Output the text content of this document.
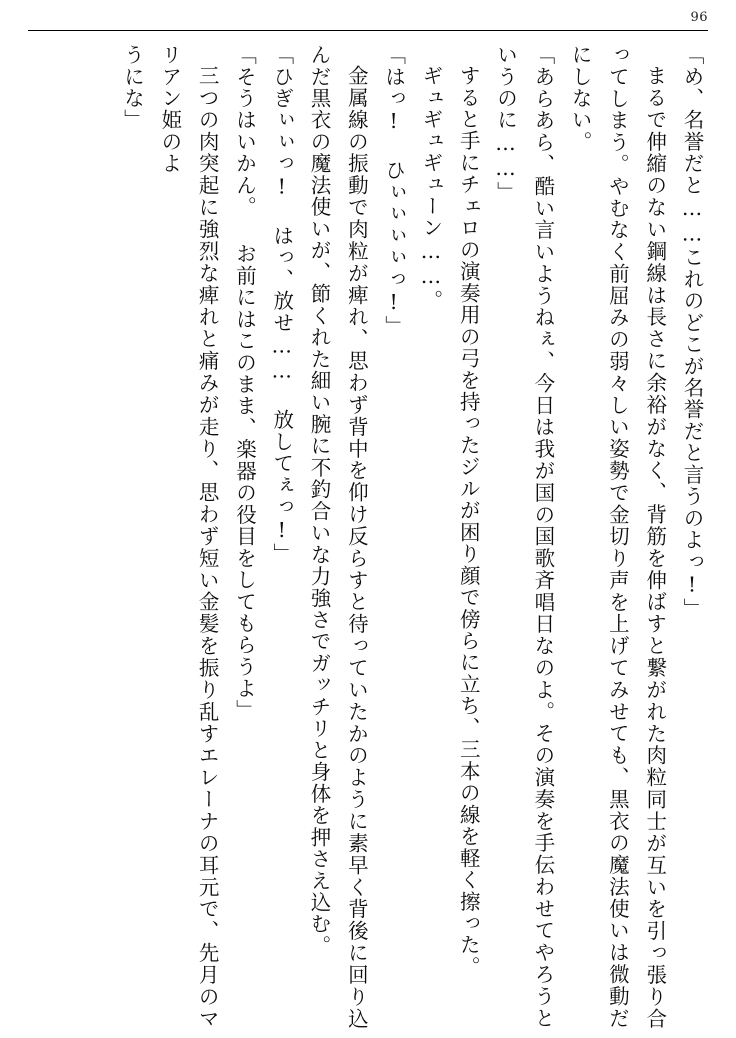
96

「め、名誉だと……これのどこが名誉だと言うのよっ!」

まるで伸縮のない鋼線は長さに余裕がなく、背筋を伸ばすと繋がれた肉粒同士が互いを引っ張り合ってしまう。やむなく前屈みの弱々しい姿勢で金切り声を上げてみせても、黒衣の魔法使いは微動だにしない。

「あらあら、酷い言いようねぇ、今日は我が国の国歌斉唱日なのよ。その演奏を手伝わせてやろうというのに……」

すると手にチェロの演奏用の弓を持ったジルが困り顔で傍らに立ち、三本の線を軽く擦った。

ギュギュギューン……。

「はっ! ひぃぃぃぃっ!」

金属線の振動で肉粒が痺れ、思わず背中を仰け反らすと待っていたかのように素早く背後に回り込んだ黒衣の魔法使いが、節くれた細い腕に不釣合いな力強さでガッチリと身体を押さえ込む。

「ひぎぃぃっ! はっ、放せ…… 放してぇっ!」

「そうはいかん。 お前にはこのまま、楽器の役目をしてもらうよ」

三つの肉突起に強烈な痺れと痛みが走り、思わず短い金髪を振り乱すエレーナの耳元で、先月のマリアン姫のよ

うにな」
